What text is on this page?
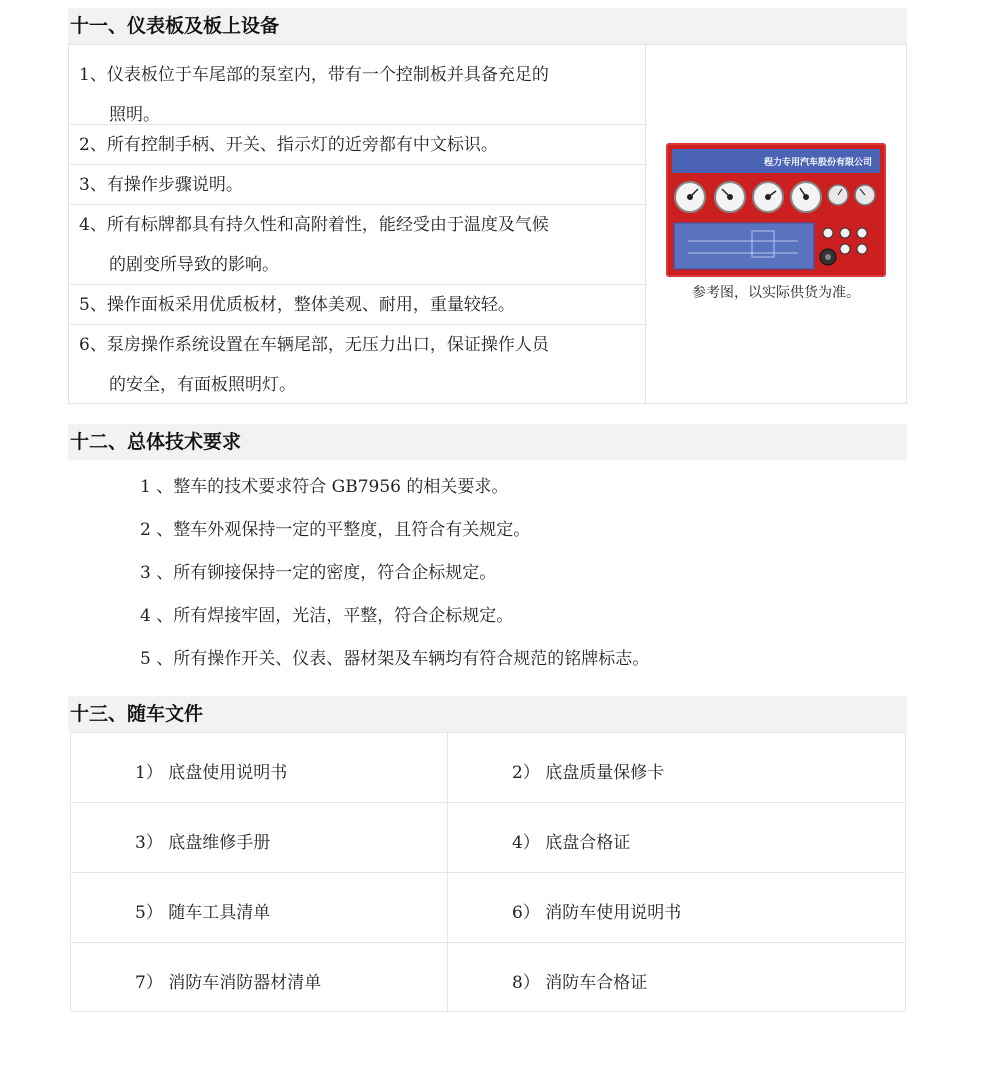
十一、仪表板及板上设备
1、仪表板位于车尾部的泵室内，带有一个控制板并具备充足的
照明。
2、所有控制手柄、开关、指示灯的近旁都有中文标识。
3、有操作步骤说明。
4、所有标牌都具有持久性和高附着性，能经受由于温度及气候
的剧变所导致的影响。
5、操作面板采用优质板材，整体美观、耐用，重量较轻。
6、泵房操作系统设置在车辆尾部，无压力出口，保证操作人员
的安全，有面板照明灯。
程力专用汽车股份有限公司
参考图，以实际供货为准。
十二、总体技术要求
1 、整车的技术要求符合 GB7956 的相关要求。
2 、整车外观保持一定的平整度，且符合有关规定。
3 、所有铆接保持一定的密度，符合企标规定。
4 、所有焊接牢固，光洁，平整，符合企标规定。
5 、所有操作开关、仪表、器材架及车辆均有符合规范的铭牌标志。
十三、随车文件
1） 底盘使用说明书	2） 底盘质量保修卡
3） 底盘维修手册	4） 底盘合格证
5） 随车工具清单	6） 消防车使用说明书
7） 消防车消防器材清单	8） 消防车合格证
